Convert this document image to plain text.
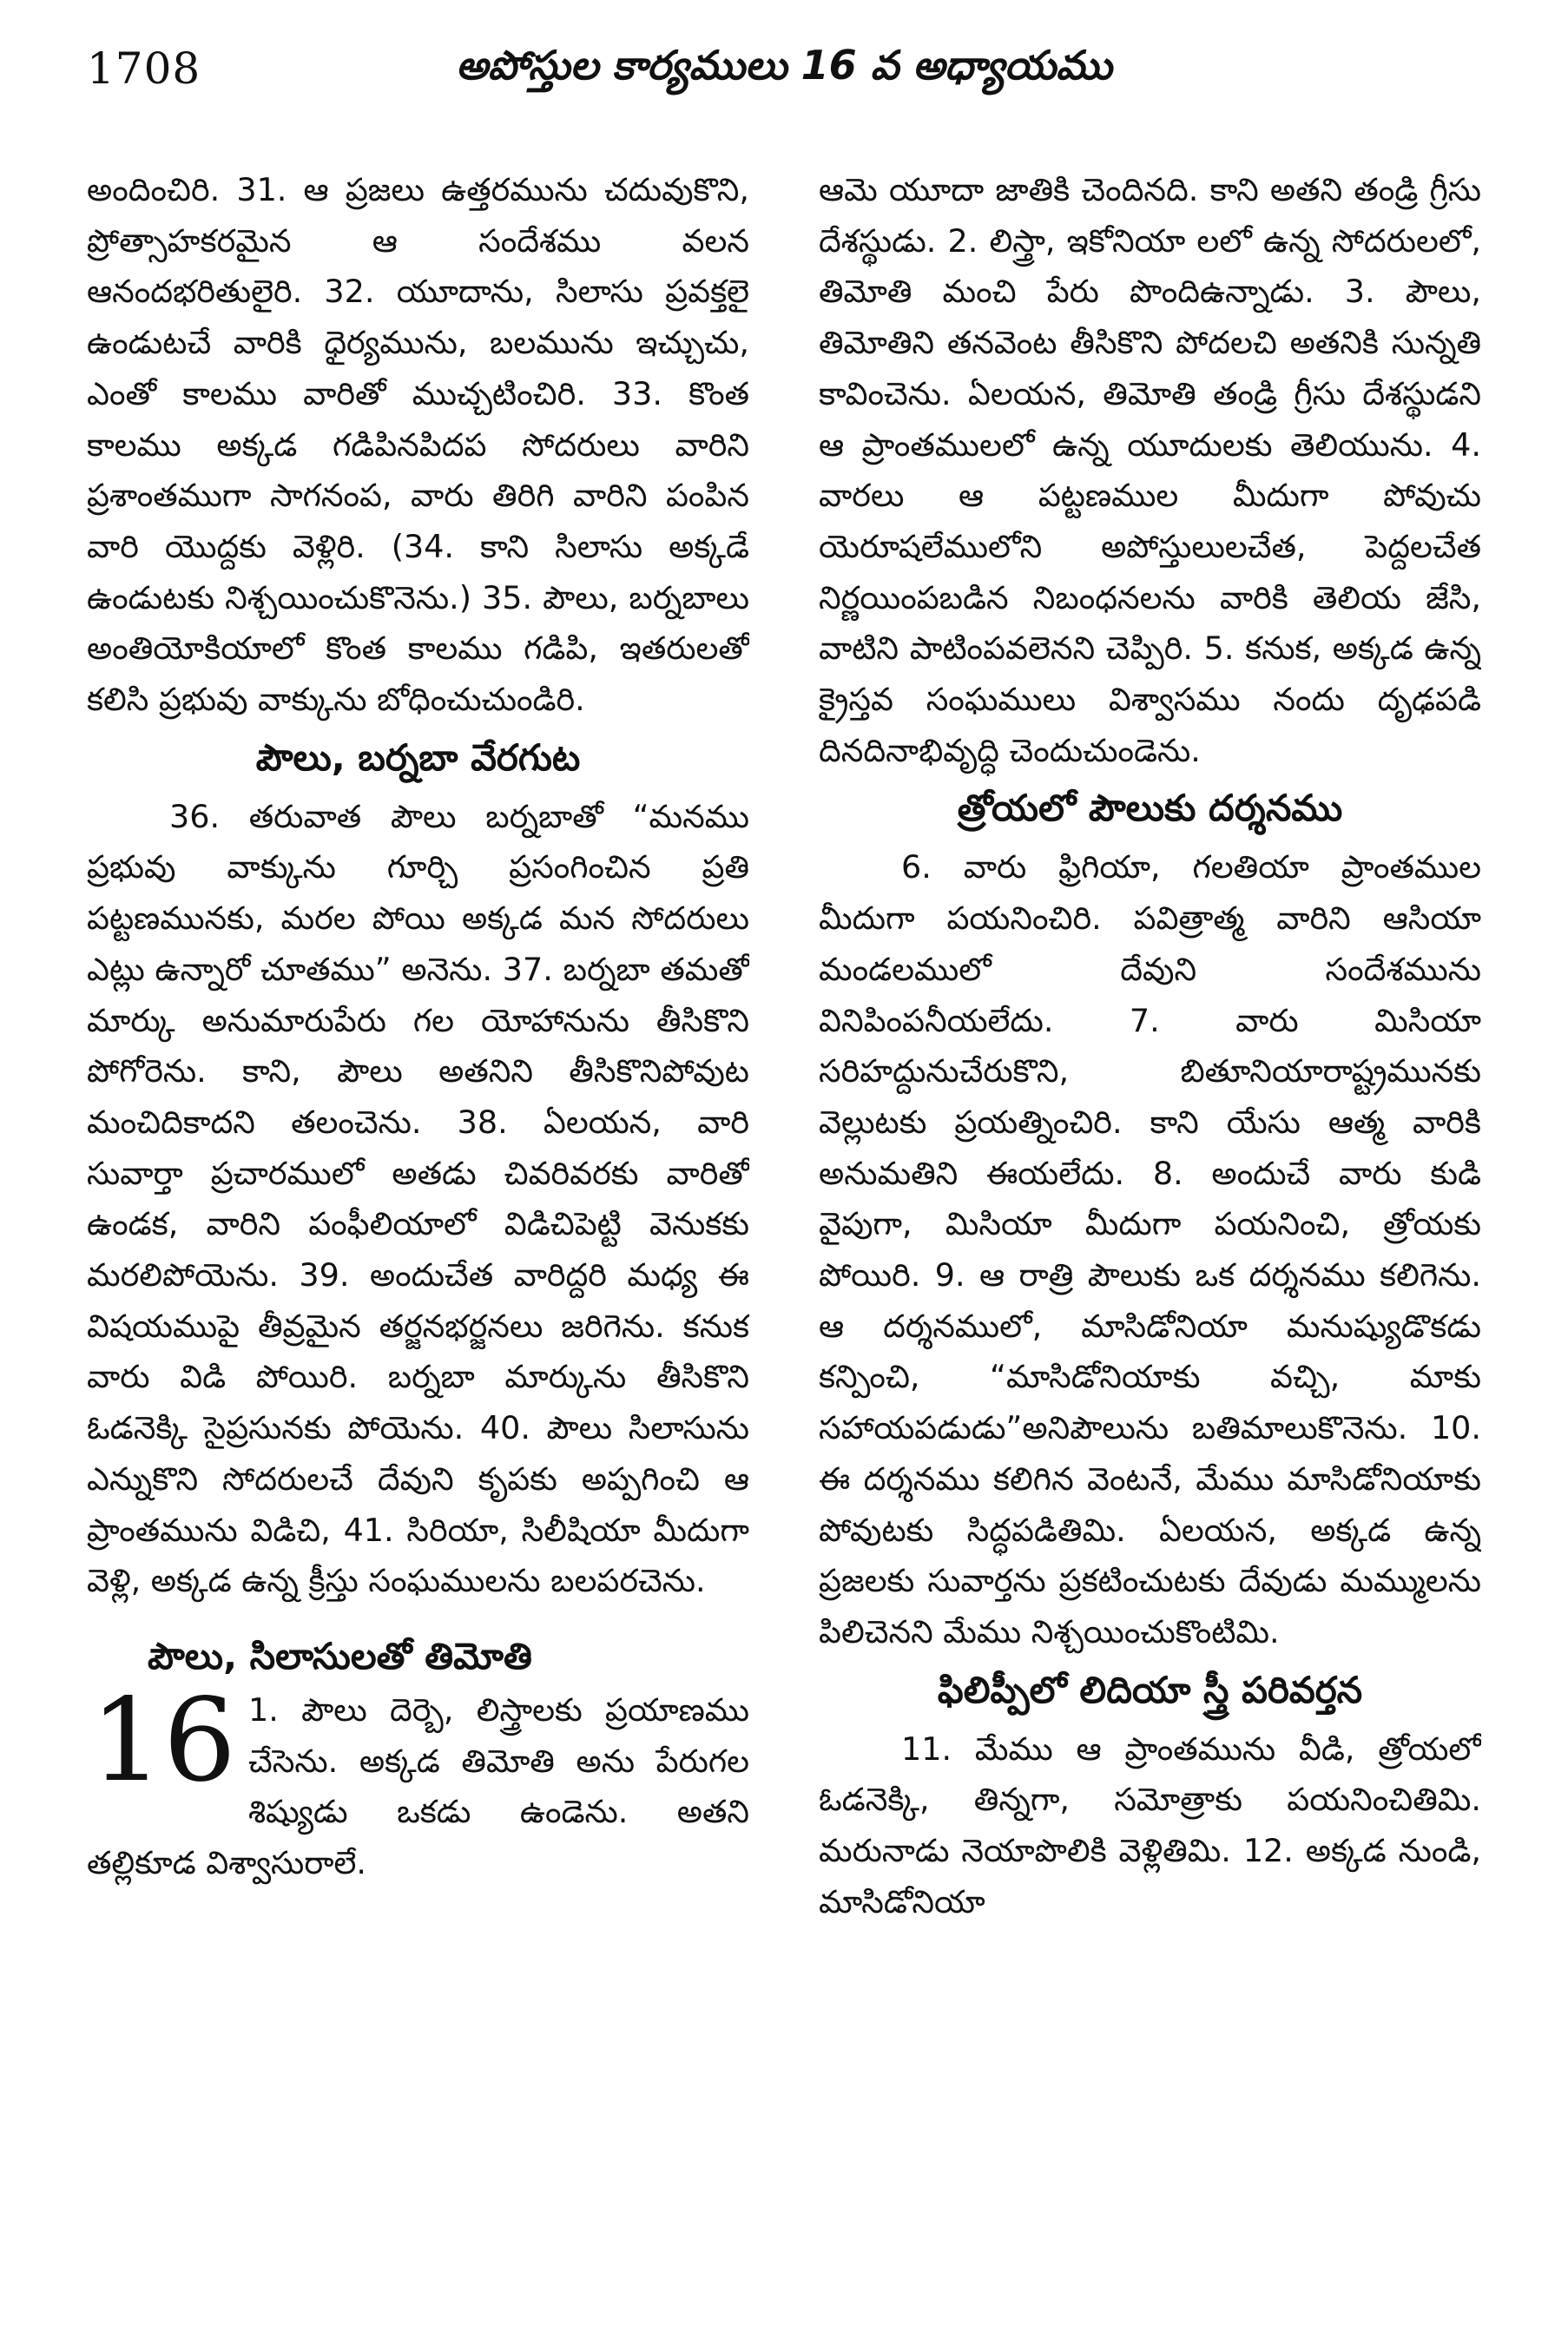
1708	అపోస్తుల కార్యములు 16 వ అధ్యాయము

అందించిరి. 31. ఆ ప్రజలు ఉత్తరమును చదువుకొని, ప్రోత్సాహకరమైన ఆ సందేశము వలన ఆనందభరితులైరి. 32. యూదాను, సిలాసు ప్రవక్తలై ఉండుటచే వారికి ధైర్యమును, బలమును ఇచ్చుచు, ఎంతో కాలము వారితో ముచ్చటించిరి. 33. కొంత కాలము అక్కడ గడిపినపిదప సోదరులు వారిని ప్రశాంతముగా సాగనంప, వారు తిరిగి వారిని పంపిన వారి యొద్దకు వెళ్లిరి. (34. కాని సిలాసు అక్కడే ఉండుటకు నిశ్చయించుకొనెను.) 35. పౌలు, బర్నబాలు అంతియోకియాలో కొంత కాలము గడిపి, ఇతరులతో కలిసి ప్రభువు వాక్కును బోధించుచుండిరి.

పౌలు, బర్నబా వేరగుట

36. తరువాత పౌలు బర్నబాతో “మనము ప్రభువు వాక్కును గూర్చి ప్రసంగించిన ప్రతి పట్టణమునకు, మరల పోయి అక్కడ మన సోదరులు ఎట్లు ఉన్నారో చూతము” అనెను. 37. బర్నబా తమతో మార్కు అనుమారుపేరు గల యోహానును తీసికొని పోగోరెను. కాని, పౌలు అతనిని తీసికొనిపోవుట మంచిదికాదని తలంచెను. 38. ఏలయన, వారి సువార్తా ప్రచారములో అతడు చివరివరకు వారితో ఉండక, వారిని పంఫీలియాలో విడిచిపెట్టి వెనుకకు మరలిపోయెను. 39. అందుచేత వారిద్దరి మధ్య ఈ విషయముపై తీవ్రమైన తర్జనభర్జనలు జరిగెను. కనుక వారు విడి పోయిరి. బర్నబా మార్కును తీసికొని ఓడనెక్కి సైప్రసునకు పోయెను. 40. పౌలు సిలాసును ఎన్నుకొని సోదరులచే దేవుని కృపకు అప్పగించి ఆ ప్రాంతమును విడిచి, 41. సిరియా, సిలీషియా మీదుగా వెళ్లి, అక్కడ ఉన్న క్రీస్తు సంఘములను బలపరచెను.

పౌలు, సిలాసులతో తిమోతి
16 1. పౌలు దెర్బె, లిస్త్రాలకు ప్రయాణము చేసెను. అక్కడ తిమోతి అను పేరుగల శిష్యుడు ఒకడు ఉండెను. అతని తల్లికూడ విశ్వాసురాలే.

ఆమె యూదా జాతికి చెందినది. కాని అతని తండ్రి గ్రీసు దేశస్థుడు. 2. లిస్త్రా, ఇకోనియా లలో ఉన్న సోదరులలో, తిమోతి మంచి పేరు పొందిఉన్నాడు. 3. పౌలు, తిమోతిని తనవెంట తీసికొని పోదలచి అతనికి సున్నతి కావించెను. ఏలయన, తిమోతి తండ్రి గ్రీసు దేశస్థుడని ఆ ప్రాంతములలో ఉన్న యూదులకు తెలియును. 4. వారలు ఆ పట్టణముల మీదుగా పోవుచు యెరూషలేములోని అపోస్తులులచేత, పెద్దలచేత నిర్ణయింపబడిన నిబంధనలను వారికి తెలియ జేసి, వాటిని పాటింపవలెనని చెప్పిరి. 5. కనుక, అక్కడ ఉన్న క్రైస్తవ సంఘములు విశ్వాసము నందు దృఢపడి దినదినాభివృద్ధి చెందుచుండెను.

త్రోయలో పౌలుకు దర్శనము

6. వారు ఫ్రిగియా, గలతియా ప్రాంతముల మీదుగా పయనించిరి. పవిత్రాత్మ వారిని ఆసియా మండలములో దేవుని సందేశమును వినిపింపనీయలేదు. 7. వారు మిసియా సరిహద్దునుచేరుకొని, బితూనియారాష్ట్రమునకు వెల్లుటకు ప్రయత్నించిరి. కాని యేసు ఆత్మ వారికి అనుమతిని ఈయలేదు. 8. అందుచే వారు కుడి వైపుగా, మిసియా మీదుగా పయనించి, త్రోయకు పోయిరి. 9. ఆ రాత్రి పౌలుకు ఒక దర్శనము కలిగెను. ఆ దర్శనములో, మాసిడోనియా మనుష్యుడొకడు కన్పించి, “మాసిడోనియాకు వచ్చి, మాకు సహాయపడుడు”అనిపౌలును బతిమాలుకొనెను. 10. ఈ దర్శనము కలిగిన వెంటనే, మేము మాసిడోనియాకు పోవుటకు సిద్ధపడితిమి. ఏలయన, అక్కడ ఉన్న ప్రజలకు సువార్తను ప్రకటించుటకు దేవుడు మమ్ములను పిలిచెనని మేము నిశ్చయించుకొంటిమి.

ఫిలిప్పీలో లిదియా స్త్రీ పరివర్తన

11. మేము ఆ ప్రాంతమును వీడి, త్రోయలో ఓడనెక్కి, తిన్నగా, సమోత్రాకు పయనించితిమి. మరునాడు నెయాపొలికి వెళ్లితిమి. 12. అక్కడ నుండి, మాసిడోనియా
